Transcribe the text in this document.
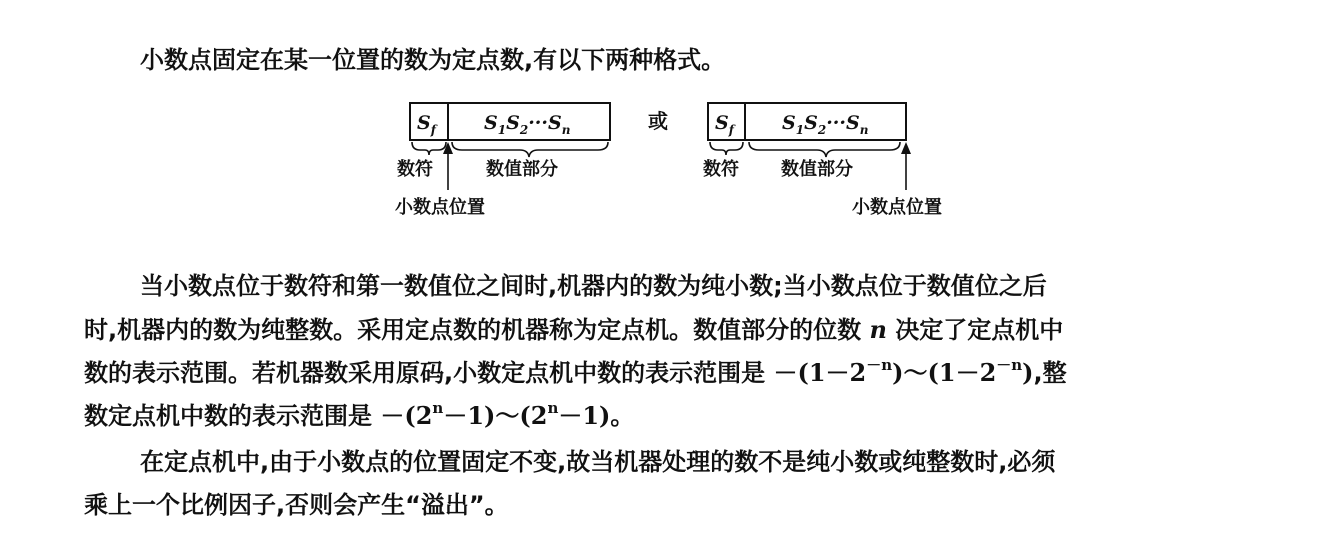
小数点固定在某一位置的数为定点数,有以下两种格式。

$S_f$	$S_1S_2\cdot\cdot\cdot S_n$
数符	数值部分
小数点位置
或 $S_f$	$S_1S_2\cdot\cdot\cdot S_n$
数符 数值部分
小数点位置

当小数点位于数符和第一数值位之间时,机器内的数为纯小数;当小数点位于数值位之后

时,机器内的数为纯整数。采用定点数的机器称为定点机。数值部分的位数 n 决定了定点机中

数的表示范围。若机器数采用原码,小数定点机中数的表示范围是 $-(1-2^{-n})\sim(1-2^{-n})$,整

数定点机中数的表示范围是 $-(2^n-1)\sim(2^n-1)$。

在定点机中,由于小数点的位置固定不变,故当机器处理的数不是纯小数或纯整数时,必须

乘上一个比例因子,否则会产生“溢出”。
